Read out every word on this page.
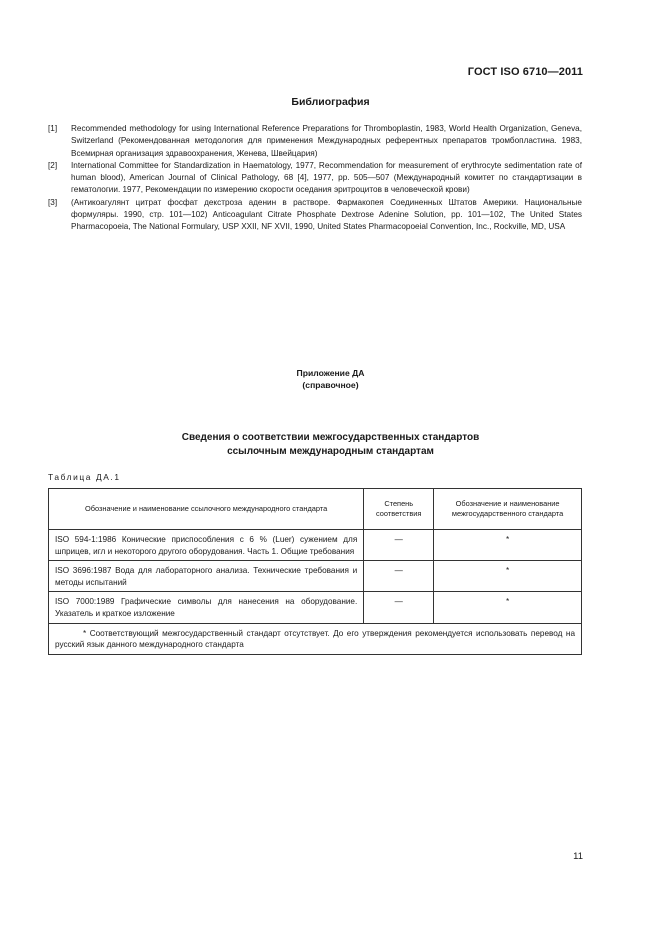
ГОСТ ISO 6710—2011
Библиография
[1]	Recommended methodology for using International Reference Preparations for Thromboplastin, 1983, World Health Organization, Geneva, Switzerland (Рекомендованная методология для применения Международных референтных препаратов тромбопластина. 1983, Всемирная организация здравоохранения, Женева, Швейцария)
[2]	International Committee for Standardization in Haematology, 1977, Recommendation for measurement of erythrocyte sedimentation rate of human blood), American Journal of Clinical Pathology, 68 [4], 1977, pp. 505—507 (Международный комитет по стандартизации в гематологии. 1977, Рекомендации по измерению скорости оседания эритроцитов в человеческой крови)
[3]	(Антикоагулянт цитрат фосфат декстроза аденин в растворе. Фармакопея Соединенных Штатов Америки. Национальные формуляры. 1990, стр. 101—102) Anticoagulant Citrate Phosphate Dextrose Adenine Solution, pp. 101—102, The United States Pharmacopoeia, The National Formulary, USP XXII, NF XVII, 1990, United States Pharmacopoeial Convention, Inc., Rockville, MD, USA
Приложение ДА
(справочное)
Сведения о соответствии межгосударственных стандартов
ссылочным международным стандартам
Таблица ДА.1
Обозначение и наименование ссылочного международного стандарта	Степень соответствия	Обозначение и наименование межгосударственного стандарта
ISO 594-1:1986 Конические приспособления с 6 % (Luer) сужением для шприцев, игл и некоторого другого оборудования. Часть 1. Общие требования	—	*
ISO 3696:1987 Вода для лабораторного анализа. Технические требования и методы испытаний	—	*
ISO 7000:1989 Графические символы для нанесения на оборудование. Указатель и краткое изложение	—	*
* Соответствующий межгосударственный стандарт отсутствует. До его утверждения рекомендуется использовать перевод на русский язык данного международного стандарта		
11
